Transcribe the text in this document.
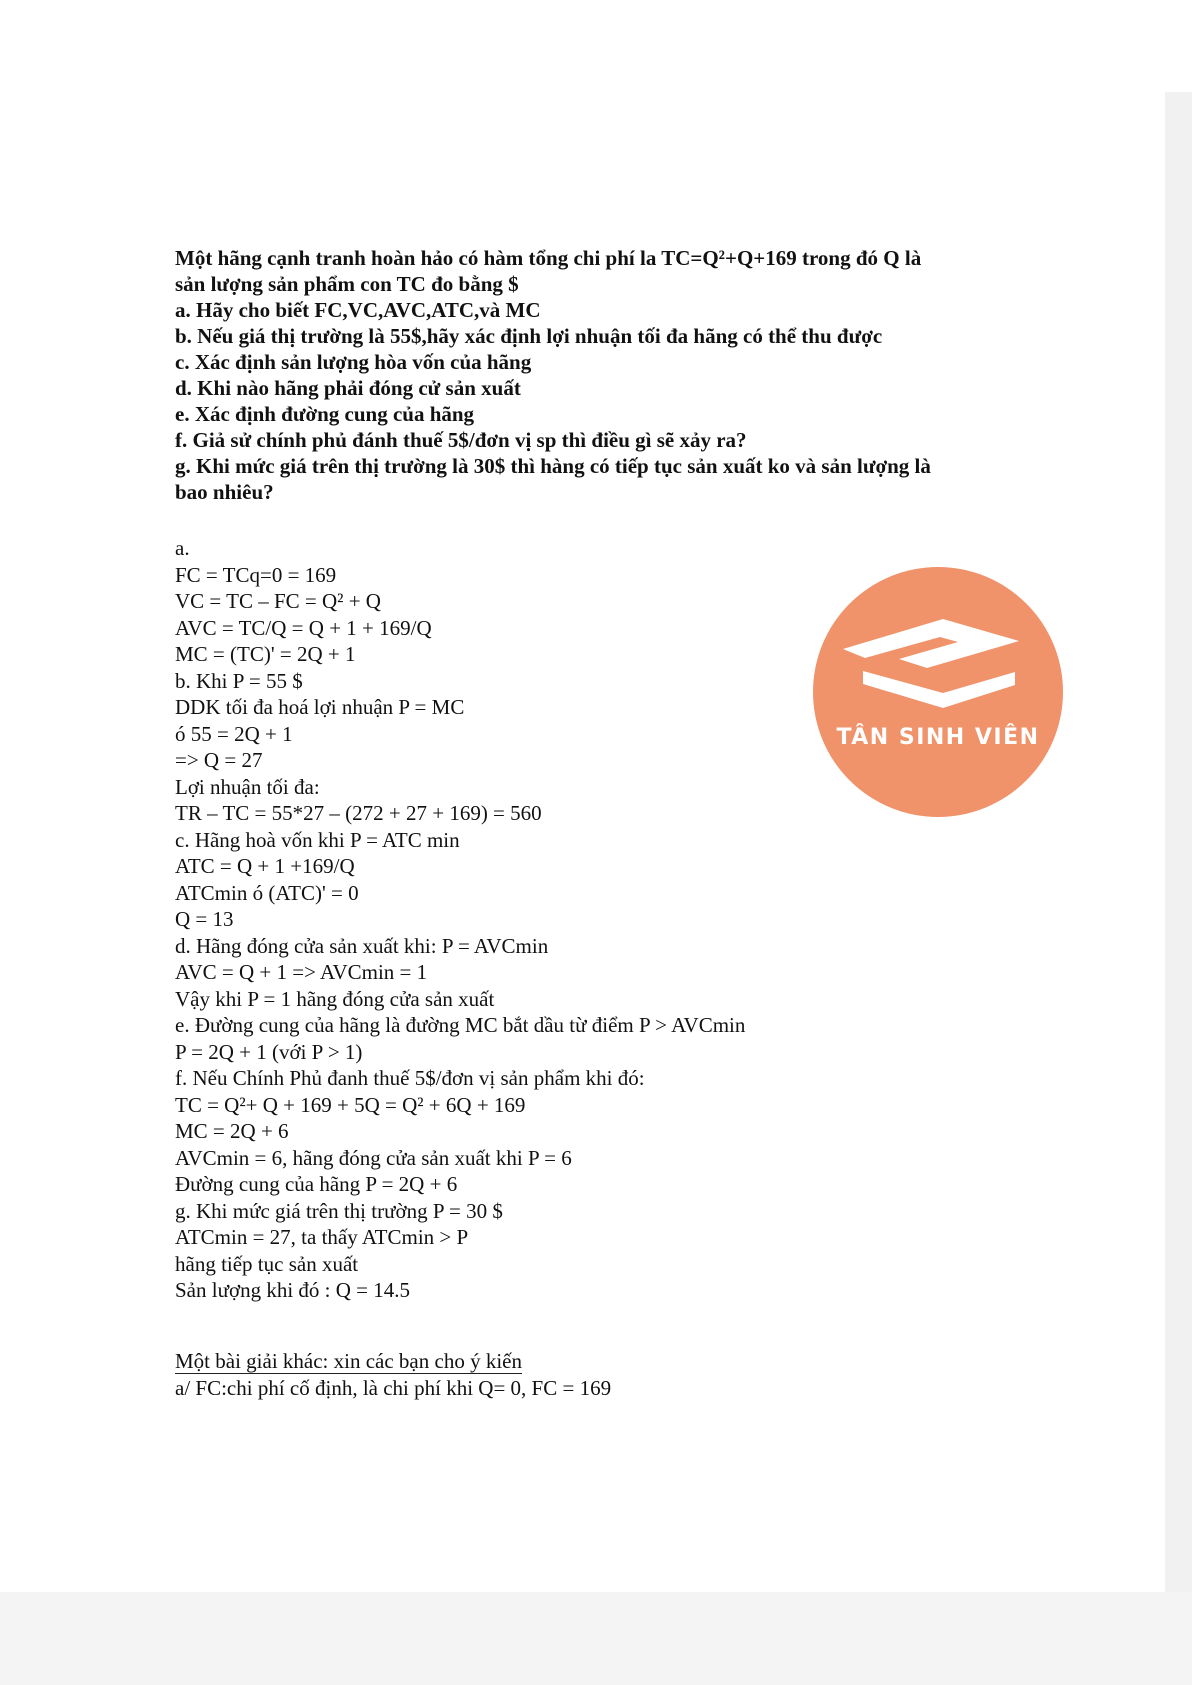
Một hãng cạnh tranh hoàn hảo có hàm tổng chi phí la TC=Q²+Q+169 trong đó Q là

sản lượng sản phẩm con TC đo bằng $

a. Hãy cho biết FC,VC,AVC,ATC,và MC

b. Nếu giá thị trường là 55$,hãy xác định lợi nhuận tối đa hãng có thể thu được

c. Xác định sản lượng hòa vốn của hãng

d. Khi nào hãng phải đóng cử sản xuất

e. Xác định đường cung của hãng

f. Giả sử chính phủ đánh thuế 5$/đơn vị sp thì điều gì sẽ xảy ra?

g. Khi mức giá trên thị trường là 30$ thì hàng có tiếp tục sản xuất ko và sản lượng là

bao nhiêu?

a.

FC = TCq=0 = 169

VC = TC – FC = Q² + Q

AVC = TC/Q = Q + 1 + 169/Q

MC = (TC)' = 2Q + 1

b. Khi P = 55 $

DDK tối đa hoá lợi nhuận P = MC

ó 55 = 2Q + 1

=> Q = 27

Lợi nhuận tối đa:

TR – TC = 55*27 – (272 + 27 + 169) = 560

c. Hãng hoà vốn khi P = ATC min

ATC = Q + 1 +169/Q

ATCmin ó (ATC)' = 0

Q = 13

d. Hãng đóng cửa sản xuất khi: P = AVCmin

AVC = Q + 1 => AVCmin = 1

Vậy khi P = 1 hãng đóng cửa sản xuất

e. Đường cung của hãng là đường MC bắt dầu từ điểm P > AVCmin

P = 2Q + 1 (với P > 1)

f. Nếu Chính Phủ đanh thuế 5$/đơn vị sản phẩm khi đó:

TC = Q²+ Q + 169 + 5Q = Q² + 6Q + 169

MC = 2Q + 6

AVCmin = 6, hãng đóng cửa sản xuất khi P = 6

Đường cung của hãng P = 2Q + 6

g. Khi mức giá trên thị trường P = 30 $

ATCmin = 27, ta thấy ATCmin > P

hãng tiếp tục sản xuất

Sản lượng khi đó : Q = 14.5

Một bài giải khác: xin các bạn cho ý kiến

a/ FC:chi phí cố định, là chi phí khi Q= 0, FC = 169

TÂN SINH VIÊN
